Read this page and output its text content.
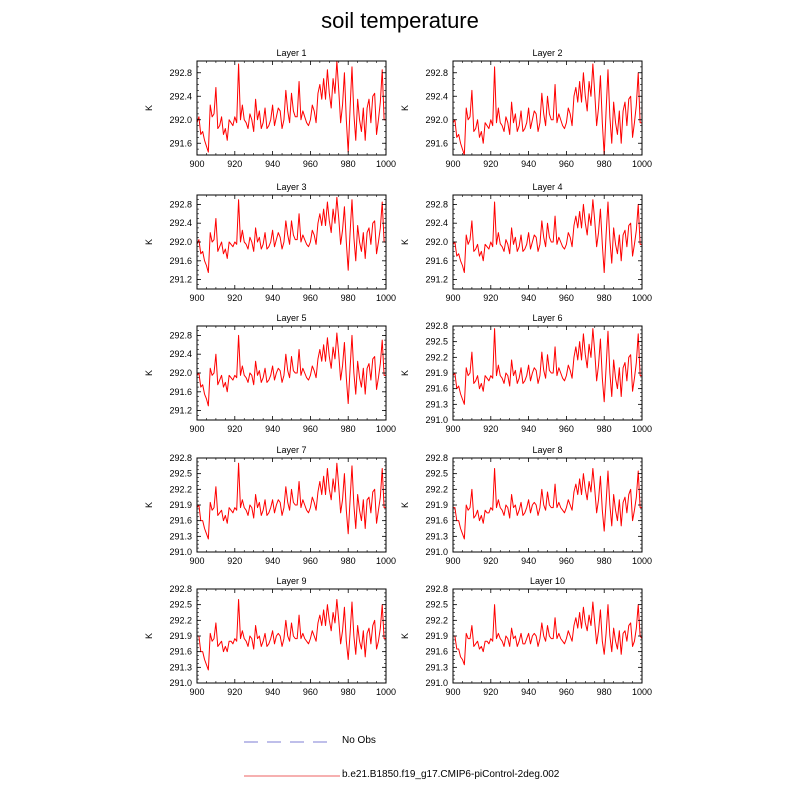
soil temperature
Layer 1
K
900	920	940	960	980 1000
291.6
292.0
292.4
292.8
Layer 2
K
900	920	940	960	980 1000
291.6
292.0
292.4
292.8
Layer 3
K
900	920	940	960	980 1000
291.2
291.6
292.0
292.4
292.8
Layer 4
K
900	920	940	960	980 1000
291.2
291.6
292.0
292.4
292.8
Layer 5
K
900	920	940	960	980 1000
291.2
291.6
292.0
292.4
292.8
Layer 6
K
900	920	940	960	980 1000
291.0
291.3
291.6
291.9
292.2
292.5
292.8
Layer 7
K
900	920	940	960	980 1000
291.0
291.3
291.6
291.9
292.2
292.5
292.8
Layer 8
K
900	920	940	960	980 1000
291.0
291.3
291.6
291.9
292.2
292.5
292.8
Layer 9
K
900	920	940	960	980 1000
291.0
291.3
291.6
291.9
292.2
292.5
292.8
Layer 10
K
900	920	940	960	980 1000
291.0
291.3
291.6
291.9
292.2
292.5
292.8
No Obs
b.e21.B1850.f19_g17.CMIP6-piControl-2deg.002
